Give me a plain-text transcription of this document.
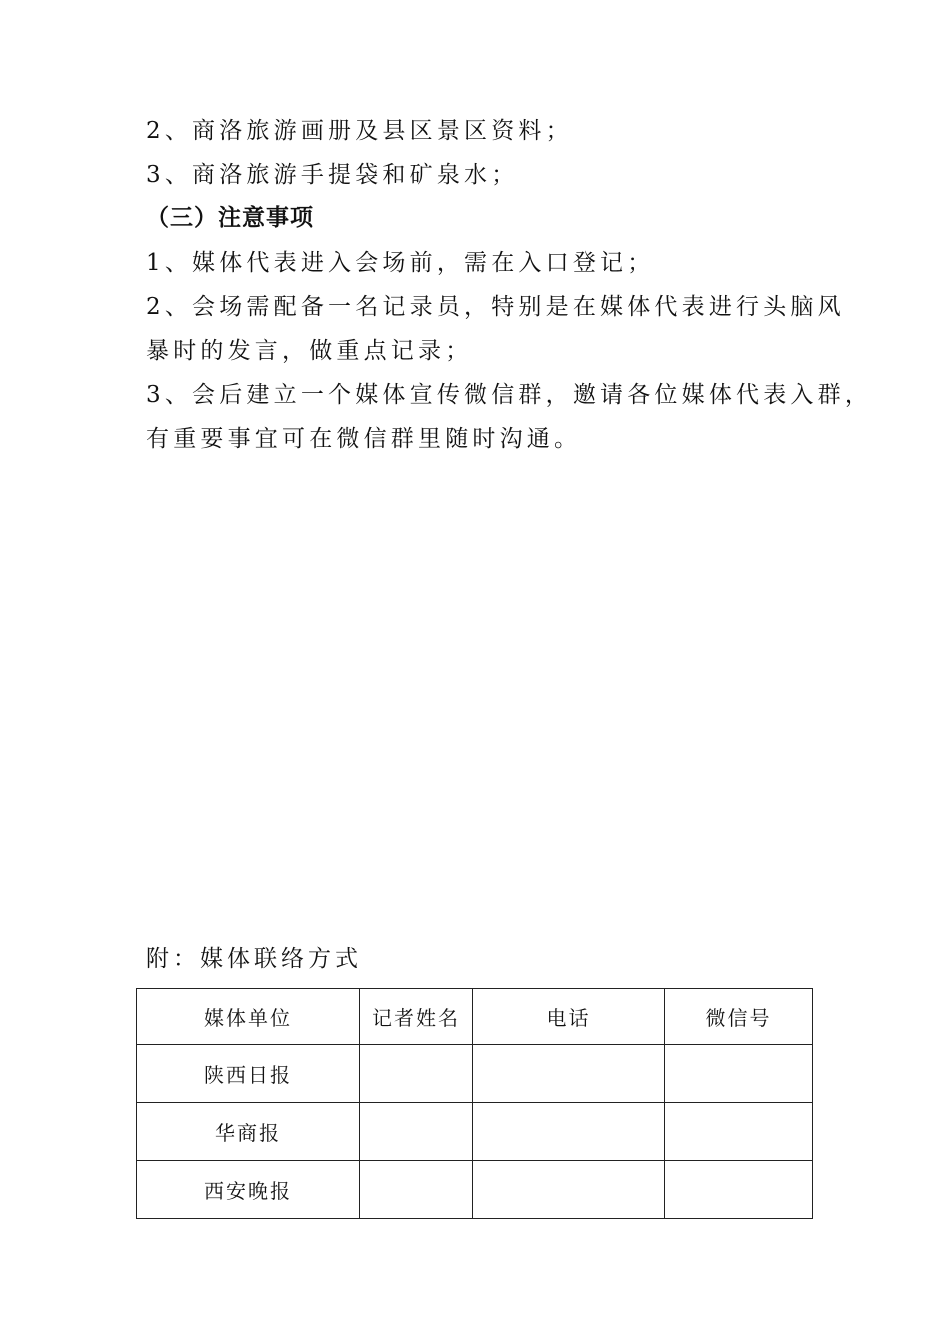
2、商洛旅游画册及县区景区资料；
3、商洛旅游手提袋和矿泉水；
（三）注意事项
1、媒体代表进入会场前，需在入口登记；
2、会场需配备一名记录员，特别是在媒体代表进行头脑风
暴时的发言，做重点记录；
3、会后建立一个媒体宣传微信群，邀请各位媒体代表入群，
有重要事宜可在微信群里随时沟通。
附：媒体联络方式
媒体单位	记者姓名	电话	微信号
陕西日报			
华商报			
西安晚报			
